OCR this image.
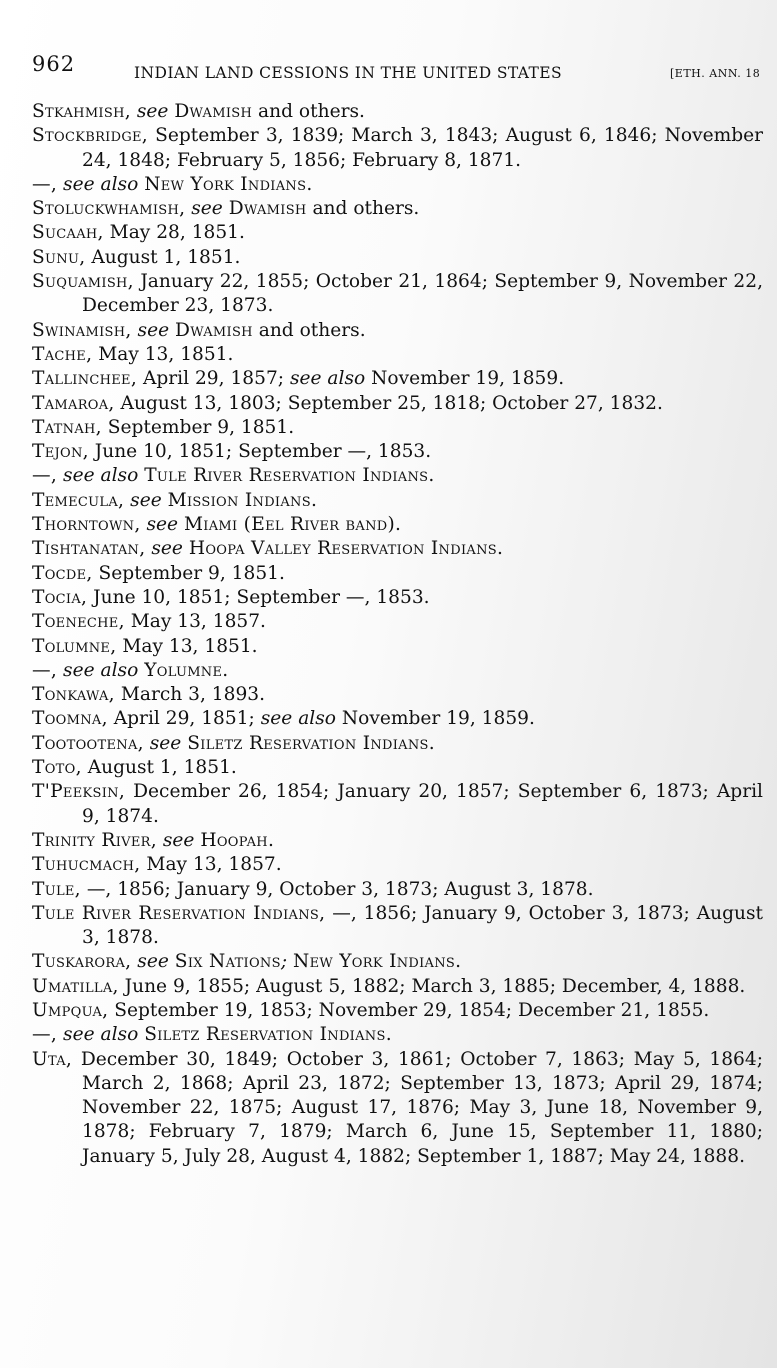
962	INDIAN LAND CESSIONS IN THE UNITED STATES	[ETH. ANN. 18
Stkahmish, see Dwamish and others.
Stockbridge, September 3, 1839; March 3, 1843; August 6, 1846; November 24, 1848; February 5, 1856; February 8, 1871.
—, see also New York Indians.
Stoluckwhamish, see Dwamish and others.
Sucaah, May 28, 1851.
Sunu, August 1, 1851.
Suquamish, January 22, 1855; October 21, 1864; September 9, November 22, December 23, 1873.
Swinamish, see Dwamish and others.
Tache, May 13, 1851.
Tallinchee, April 29, 1857; see also November 19, 1859.
Tamaroa, August 13, 1803; September 25, 1818; October 27, 1832.
Tatnah, September 9, 1851.
Tejon, June 10, 1851; September —, 1853.
—, see also Tule River Reservation Indians.
Temecula, see Mission Indians.
Thorntown, see Miami (Eel River band).
Tishtanatan, see Hoopa Valley Reservation Indians.
Tocde, September 9, 1851.
Tocia, June 10, 1851; September —, 1853.
Toeneche, May 13, 1857.
Tolumne, May 13, 1851.
—, see also Yolumne.
Tonkawa, March 3, 1893.
Toomna, April 29, 1851; see also November 19, 1859.
Tootootena, see Siletz Reservation Indians.
Toto, August 1, 1851.
T'Peeksin, December 26, 1854; January 20, 1857; September 6, 1873; April 9, 1874.
Trinity River, see Hoopah.
Tuhucmach, May 13, 1857.
Tule, —, 1856; January 9, October 3, 1873; August 3, 1878.
Tule River Reservation Indians, —, 1856; January 9, October 3, 1873; August 3, 1878.
Tuskarora, see Six Nations; New York Indians.
Umatilla, June 9, 1855; August 5, 1882; March 3, 1885; December, 4, 1888.
Umpqua, September 19, 1853; November 29, 1854; December 21, 1855.
—, see also Siletz Reservation Indians.
Uta, December 30, 1849; October 3, 1861; October 7, 1863; May 5, 1864; March 2, 1868; April 23, 1872; September 13, 1873; April 29, 1874; November 22, 1875; August 17, 1876; May 3, June 18, November 9, 1878; February 7, 1879; March 6, June 15, September 11, 1880; January 5, July 28, August 4, 1882; September 1, 1887; May 24, 1888.
